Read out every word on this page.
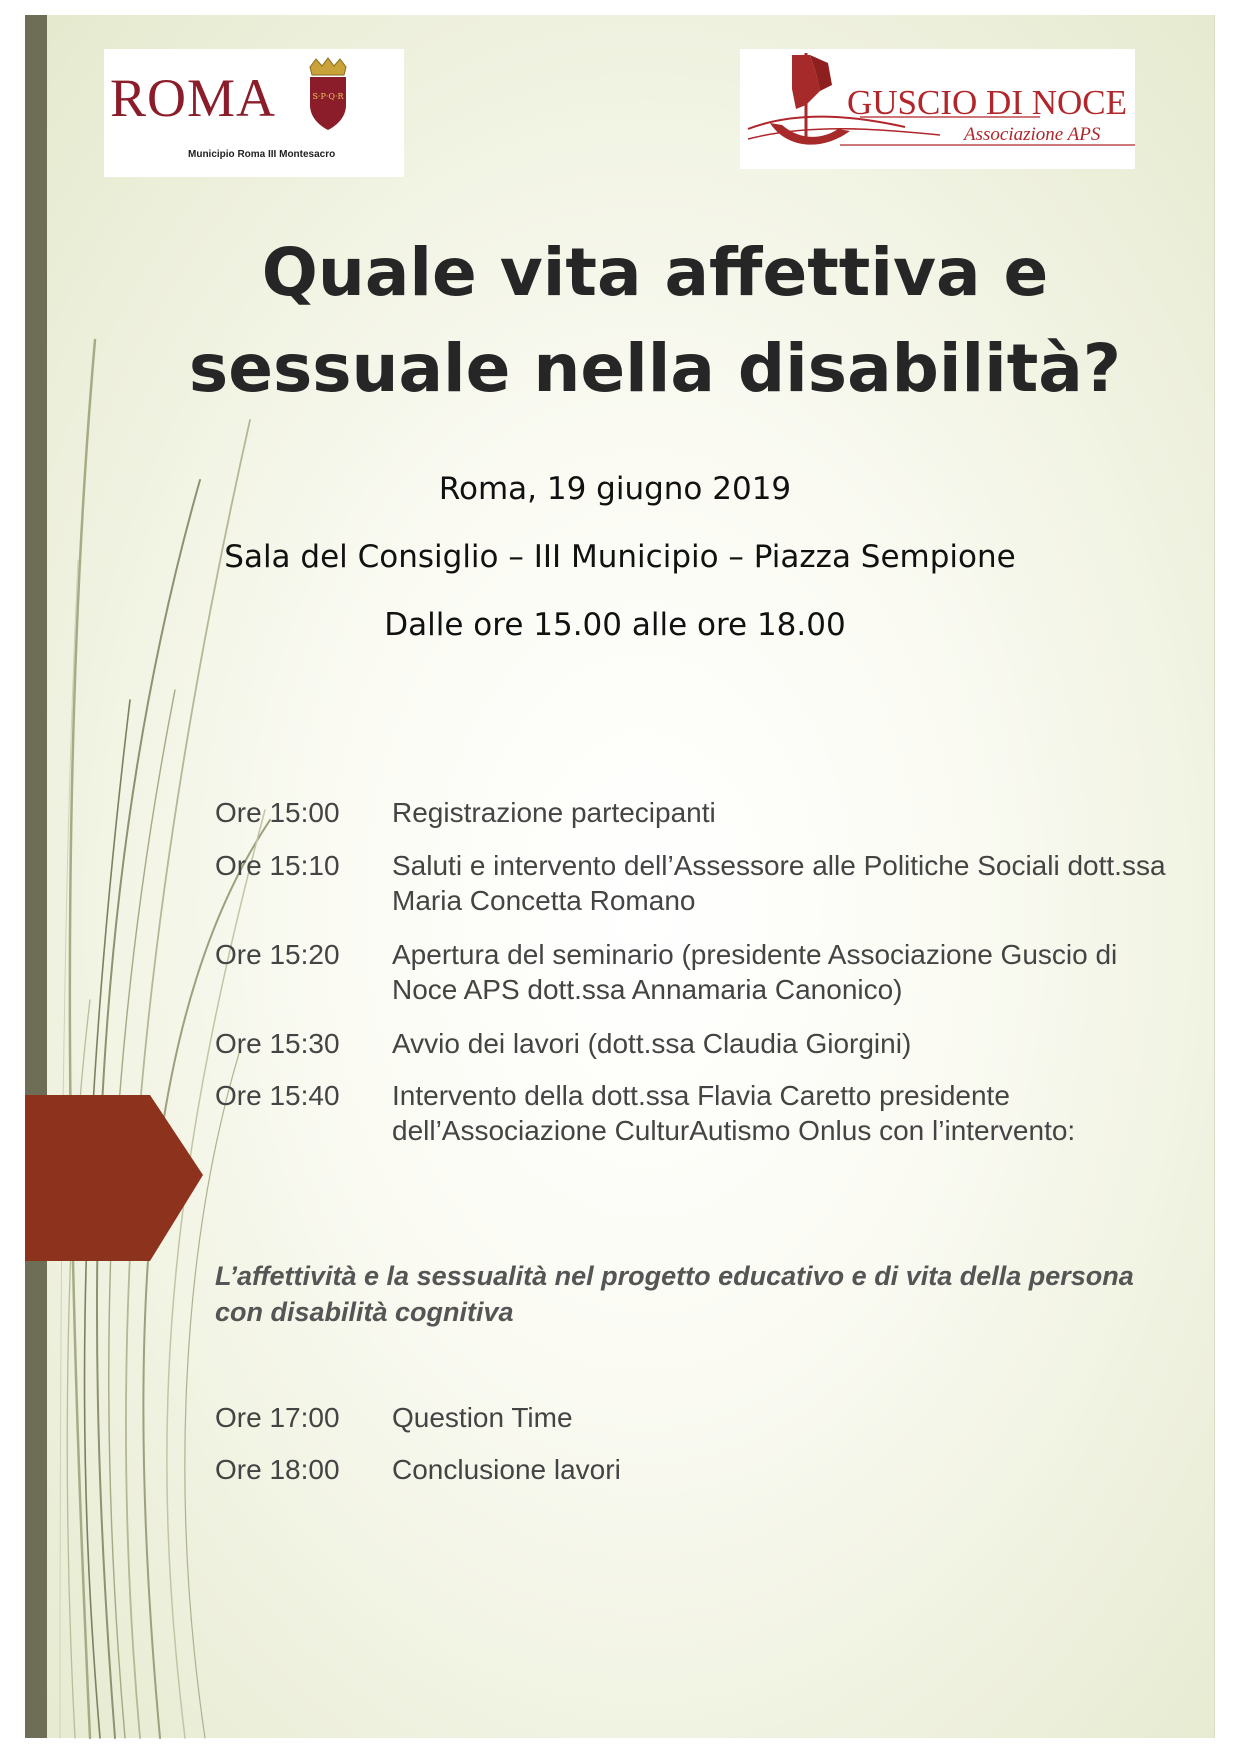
ROMA	S·P·Q·R
Municipio Roma III Montesacro
GUSCIO DI NOCE
Associazione APS
Quale vita affettiva e
sessuale nella disabilità?
Roma, 19 giugno 2019
Sala del Consiglio – III Municipio – Piazza Sempione
Dalle ore 15.00 alle ore 18.00
Ore 15:00	Registrazione partecipanti
Ore 15:10	Saluti e intervento dell’Assessore alle Politiche Sociali dott.ssa Maria Concetta Romano
Ore 15:20	Apertura del seminario (presidente Associazione Guscio di Noce APS dott.ssa Annamaria Canonico)
Ore 15:30	Avvio dei lavori (dott.ssa Claudia Giorgini)
Ore 15:40	Intervento della dott.ssa Flavia Caretto presidente dell’Associazione CulturAutismo Onlus con l’intervento:
L’affettività e la sessualità nel progetto educativo e di vita della persona con disabilità cognitiva
Ore 17:00	Question Time
Ore 18:00	Conclusione lavori
